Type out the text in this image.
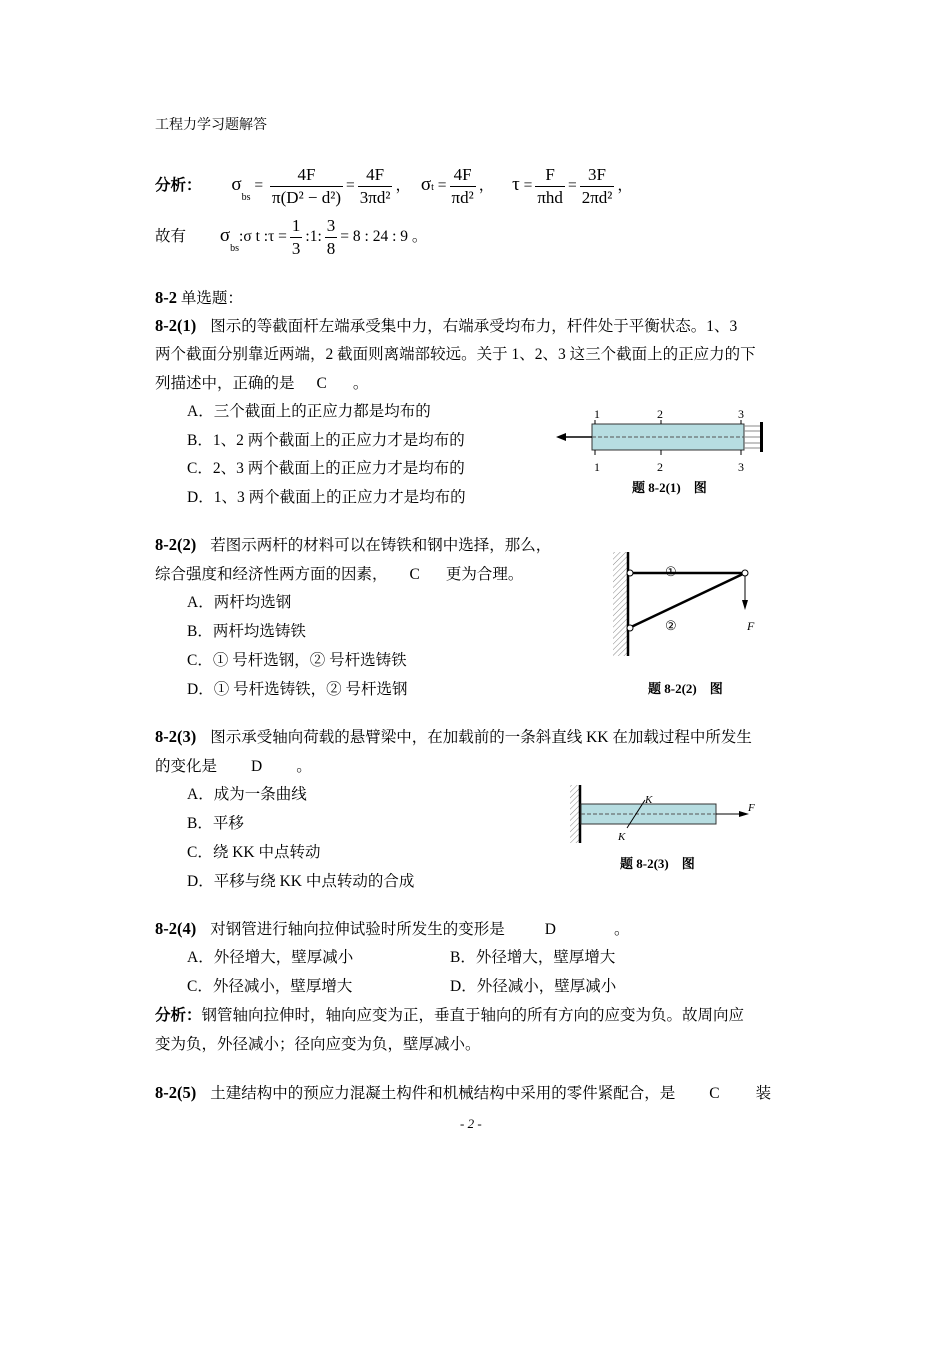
工程力学习题解答
分析： $\sigma_{bs} = \frac{4F}{\text{π(D² − d²)}} = \frac{4F}{\text{3πd²}}$ ， $\sigma t = \frac{4F}{\text{πd²}}$ ， $\tau = \frac{F}{\text{πhd}} = \frac{3F}{\text{2πd²}}$ ，
故有 $\sigma_{bs}:\sigma$ t :τ = $\frac{1}{3}$ :1: $\frac{3}{8} = 8$ : 24 : 9 。
8-2 单选题：
8-2(1) 图示的等截面杆左端承受集中力，右端承受均布力，杆件处于平衡状态。1、3
两个截面分别靠近两端，2 截面则离端部较远。关于 1、2、3 这三个截面上的正应力的下
列描述中，正确的是 C 。
A．三个截面上的正应力都是均布的
B．1、2 两个截面上的正应力才是均布的
C．2、3 两个截面上的正应力才是均布的
D．1、3 两个截面上的正应力才是均布的
1	2	3
1	2	3
题 8-2(1)　图
8-2(2) 若图示两杆的材料可以在铸铁和钢中选择，那么，
综合强度和经济性两方面的因素， C 更为合理。
A．两杆均选钢
B．两杆均选铸铁
C．① 号杆选钢，② 号杆选铸铁
D．① 号杆选铸铁，② 号杆选钢
①
②	F
题 8-2(2)　图
8-2(3) 图示承受轴向荷载的悬臂梁中，在加载前的一条斜直线 KK 在加载过程中所发生
的变化是 D 。
A．成为一条曲线
B．平移
C．绕 KK 中点转动
D．平移与绕 KK 中点转动的合成
K
K
F
题 8-2(3)　图
8-2(4) 对钢管进行轴向拉伸试验时所发生的变形是	D	。
A．外径增大，壁厚减小	B．外径增大，壁厚增大
C．外径减小，壁厚增大	D．外径减小，壁厚减小
分析：钢管轴向拉伸时，轴向应变为正，垂直于轴向的所有方向的应变为负。故周向应
变为负，外径减小；径向应变为负，壁厚减小。
8-2(5) 土建结构中的预应力混凝土构件和机械结构中采用的零件紧配合，是 C 装
- 2 -
